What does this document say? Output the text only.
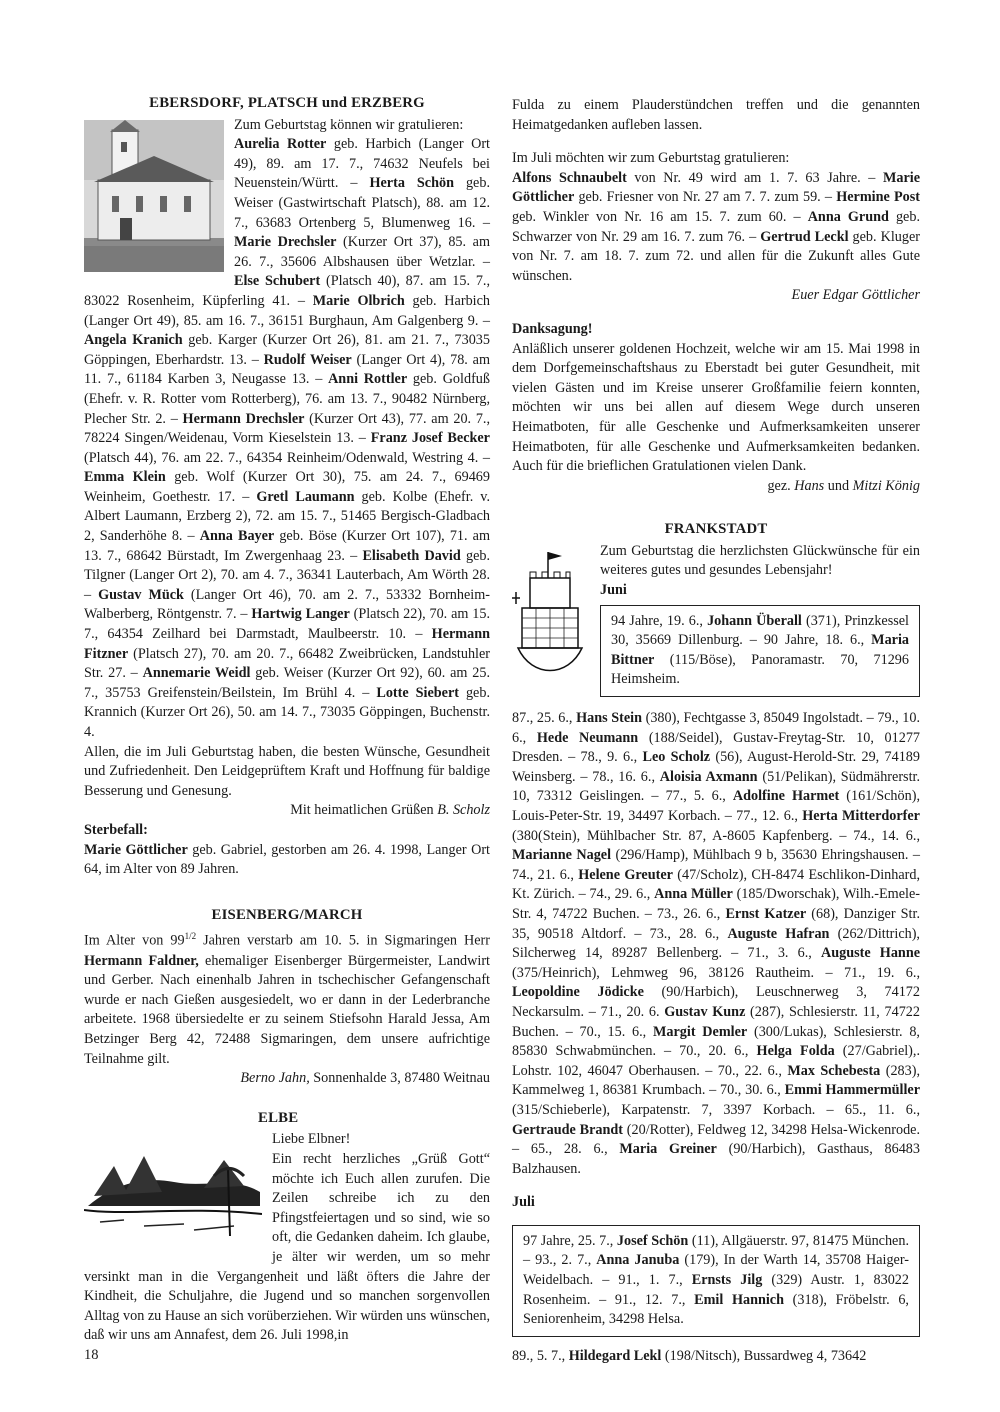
EBERSDORF, PLATSCH und ERZBERG

Zum Geburtstag können wir gratulieren:

Aurelia Rotter geb. Harbich (Langer Ort 49), 89. am 17. 7., 74632 Neufels bei Neuenstein/Württ. – Herta Schön geb. Weiser (Gastwirtschaft Platsch), 88. am 12. 7., 63683 Ortenberg 5, Blumenweg 16. – Marie Drechsler (Kurzer Ort 37), 85. am 26. 7., 35606 Albshausen über Wetzlar. – Else Schubert (Platsch 40), 87. am 15. 7., 83022 Rosenheim, Küpferling 41. – Marie Olbrich geb. Harbich (Langer Ort 49), 85. am 16. 7., 36151 Burghaun, Am Galgenberg 9. – Angela Kranich geb. Karger (Kurzer Ort 26), 81. am 21. 7., 73035 Göppingen, Eberhardstr. 13. – Rudolf Weiser (Langer Ort 4), 78. am 11. 7., 61184 Karben 3, Neugasse 13. – Anni Rottler geb. Goldfuß (Ehefr. v. R. Rotter vom Rotterberg), 76. am 13. 7., 90482 Nürnberg, Plecher Str. 2. – Hermann Drechsler (Kurzer Ort 43), 77. am 20. 7., 78224 Singen/Weidenau, Vorm Kieselstein 13. – Franz Josef Becker (Platsch 44), 76. am 22. 7., 64354 Reinheim/Odenwald, Westring 4. – Emma Klein geb. Wolf (Kurzer Ort 30), 75. am 24. 7., 69469 Weinheim, Goethestr. 17. – Gretl Laumann geb. Kolbe (Ehefr. v. Albert Laumann, Erzberg 2), 72. am 15. 7., 51465 Bergisch-Gladbach 2, Sanderhöhe 8. – Anna Bayer geb. Böse (Kurzer Ort 107), 71. am 13. 7., 68642 Bürstadt, Im Zwergenhaag 23. – Elisabeth David geb. Tilgner (Langer Ort 2), 70. am 4. 7., 36341 Lauterbach, Am Wörth 28. – Gustav Mück (Langer Ort 46), 70. am 2. 7., 53332 Bornheim-Walberberg, Röntgenstr. 7. – Hartwig Langer (Platsch 22), 70. am 15. 7., 64354 Zeilhard bei Darmstadt, Maulbeerstr. 10. – Hermann Fitzner (Platsch 27), 70. am 20. 7., 66482 Zweibrücken, Landstuhler Str. 27. – Annemarie Weidl geb. Weiser (Kurzer Ort 92), 60. am 25. 7., 35753 Greifenstein/Beilstein, Im Brühl 4. – Lotte Siebert geb. Krannich (Kurzer Ort 26), 50. am 14. 7., 73035 Göppingen, Buchenstr. 4.

Allen, die im Juli Geburtstag haben, die besten Wünsche, Gesundheit und Zufriedenheit. Den Leidgeprüftem Kraft und Hoffnung für baldige Besserung und Genesung.

Mit heimatlichen Grüßen B. Scholz

Sterbefall:

Marie Göttlicher geb. Gabriel, gestorben am 26. 4. 1998, Langer Ort 64, im Alter von 89 Jahren.

EISENBERG/MARCH

Im Alter von $99^{1/2}$ Jahren verstarb am 10. 5. in Sigmaringen Herr Hermann Faldner, ehemaliger Eisenberger Bürgermeister, Landwirt und Gerber. Nach einenhalb Jahren in tschechischer Gefangenschaft wurde er nach Gießen ausgesiedelt, wo er dann in der Lederbranche arbeitete. 1968 übersiedelte er zu seinem Stiefsohn Harald Jessa, Am Betzinger Berg 42, 72488 Sigmaringen, dem unsere aufrichtige Teilnahme gilt.

Berno Jahn, Sonnenhalde 3, 87480 Weitnau

ELBE

Liebe Elbner!

Ein recht herzliches „Grüß Gott“ möchte ich Euch allen zurufen. Die Zeilen schreibe ich zu den Pfingstfeiertagen und so sind, wie so oft, die Gedanken daheim. Ich glaube, je älter wir werden, um so mehr versinkt man in die Vergangenheit und läßt öfters die Jahre der Kindheit, die Schuljahre, die Jugend und so manchen sorgenvollen Alltag von zu Hause an sich vorüberziehen. Wir würden uns wünschen, daß wir uns am Annafest, dem 26. Juli 1998,in

Fulda zu einem Plauderstündchen treffen und die genannten Heimatgedanken aufleben lassen.

Im Juli möchten wir zum Geburtstag gratulieren:

Alfons Schnaubelt von Nr. 49 wird am 1. 7. 63 Jahre. – Marie Göttlicher geb. Friesner von Nr. 27 am 7. 7. zum 59. – Hermine Post geb. Winkler von Nr. 16 am 15. 7. zum 60. – Anna Grund geb. Schwarzer von Nr. 29 am 16. 7. zum 76. – Gertrud Leckl geb. Kluger von Nr. 7. am 18. 7. zum 72. und allen für die Zukunft alles Gute wünschen.

Euer Edgar Göttlicher

Danksagung!

Anläßlich unserer goldenen Hochzeit, welche wir am 15. Mai 1998 in dem Dorfgemeinschaftshaus zu Eberstadt bei guter Gesundheit, mit vielen Gästen und im Kreise unserer Großfamilie feiern konnten, möchten wir uns bei allen auf diesem Wege durch unseren Heimatboten, für alle Geschenke und Aufmerksamkeiten unserer Heimatboten, für alle Geschenke und Aufmerksamkeiten bedanken. Auch für die brieflichen Gratulationen vielen Dank.

gez. Hans und Mitzi König

FRANKSTADT

Zum Geburtstag die herzlichsten Glückwünsche für ein weiteres gutes und gesundes Lebensjahr!

Juni

94 Jahre, 19. 6., Johann Überall (371), Prinzkessel 30, 35669 Dillenburg. – 90 Jahre, 18. 6., Maria Bittner (115/Böse), Panoramastr. 70, 71296 Heimsheim.

87., 25. 6., Hans Stein (380), Fechtgasse 3, 85049 Ingolstadt. – 79., 10. 6., Hede Neumann (188/Seidel), Gustav-Freytag-Str. 10, 01277 Dresden. – 78., 9. 6., Leo Scholz (56), August-Herold-Str. 29, 74189 Weinsberg. – 78., 16. 6., Aloisia Axmann (51/Pelikan), Südmährerstr. 10, 73312 Geislingen. – 77., 5. 6., Adolfine Harmet (161/Schön), Louis-Peter-Str. 19, 34497 Korbach. – 77., 12. 6., Herta Mitterdorfer (380(Stein), Mühlbacher Str. 87, A-8605 Kapfenberg. – 74., 14. 6., Marianne Nagel (296/Hamp), Mühlbach 9 b, 35630 Ehringshausen. – 74., 21. 6., Helene Greuter (47/Scholz), CH-8474 Eschlikon-Dinhard, Kt. Zürich. – 74., 29. 6., Anna Müller (185/Dworschak), Wilh.-Emele-Str. 4, 74722 Buchen. – 73., 26. 6., Ernst Katzer (68), Danziger Str. 35, 90518 Altdorf. – 73., 28. 6., Auguste Hafran (262/Dittrich), Silcherweg 14, 89287 Bellenberg. – 71., 3. 6., Auguste Hanne (375/Heinrich), Lehmweg 96, 38126 Rautheim. – 71., 19. 6., Leopoldine Jödicke (90/Harbich), Leuschnerweg 3, 74172 Neckarsulm. – 71., 20. 6. Gustav Kunz (287), Schlesierstr. 11, 74722 Buchen. – 70., 15. 6., Margit Demler (300/Lukas), Schlesierstr. 8, 85830 Schwabmünchen. – 70., 20. 6., Helga Folda (27/Gabriel),. Lohstr. 102, 46047 Oberhausen. – 70., 22. 6., Max Schebesta (283), Kammelweg 1, 86381 Krumbach. – 70., 30. 6., Emmi Hammermüller (315/Schieberle), Karpatenstr. 7, 3397 Korbach. – 65., 11. 6., Gertraude Brandt (20/Rotter), Feldweg 12, 34298 Helsa-Wickenrode. – 65., 28. 6., Maria Greiner (90/Harbich), Gasthaus, 86483 Balzhausen.

Juli

97 Jahre, 25. 7., Josef Schön (11), Allgäuerstr. 97, 81475 München. – 93., 2. 7., Anna Januba (179), In der Warth 14, 35708 Haiger-Weidelbach. – 91., 1. 7., Ernsts Jilg (329) Austr. 1, 83022 Rosenheim. – 91., 12. 7., Emil Hannich (318), Fröbelstr. 6, Seniorenheim, 34298 Helsa.

89., 5. 7., Hildegard Lekl (198/Nitsch), Bussardweg 4, 73642

18
